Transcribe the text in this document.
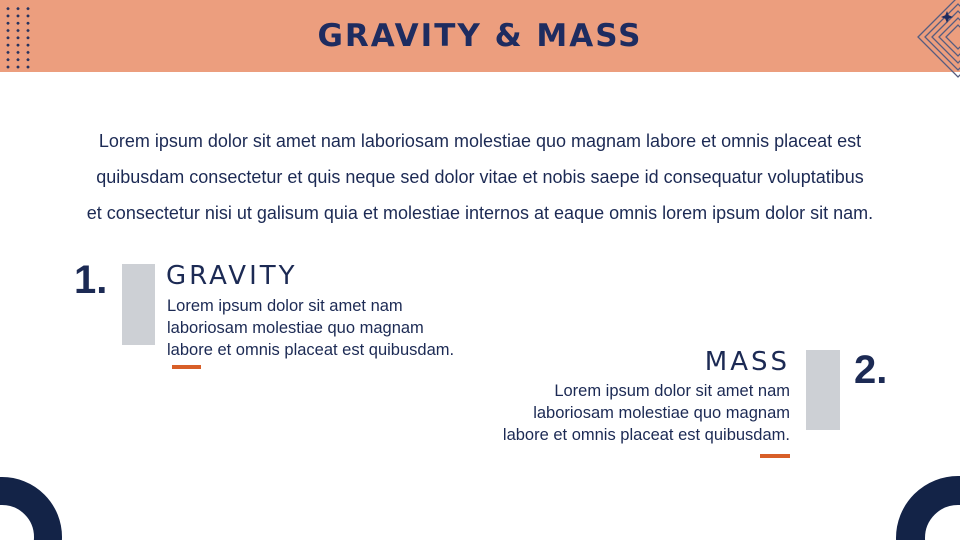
GRAVITY & MASS
Lorem ipsum dolor sit amet nam laboriosam molestiae quo magnam labore et omnis placeat est
quibusdam consectetur et quis neque sed dolor vitae et nobis saepe id consequatur voluptatibus
et consectetur nisi ut galisum quia et molestiae internos at eaque omnis lorem ipsum dolor sit nam.
1. GRAVITY
Lorem ipsum dolor sit amet nam
laboriosam molestiae quo magnam
labore et omnis placeat est quibusdam.	MASS
Lorem ipsum dolor sit amet nam
laboriosam molestiae quo magnam
labore et omnis placeat est quibusdam.
2.
